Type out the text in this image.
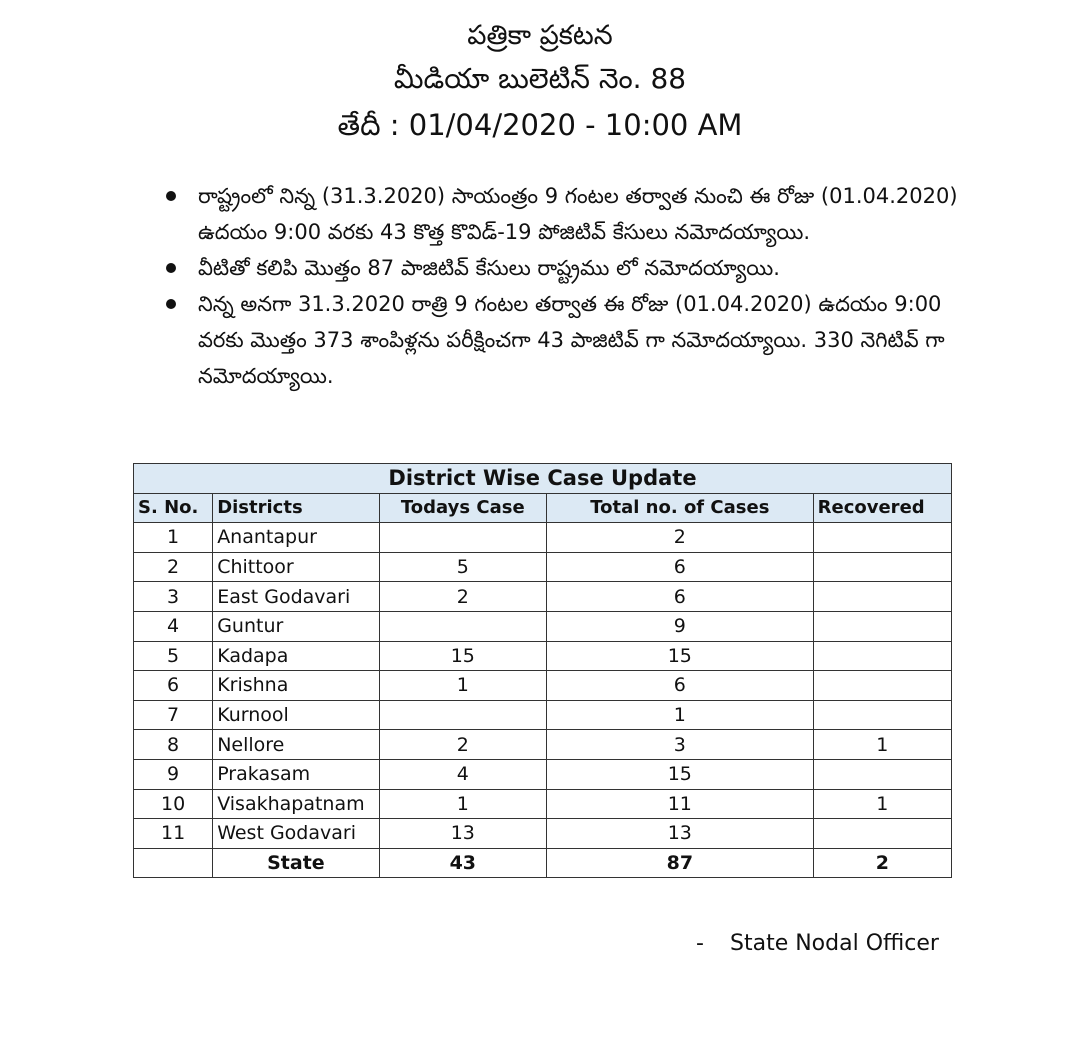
పత్రికా ప్రకటన
మీడియా బులెటిన్ నెం. 88
తేదీ : 01/04/2020 - 10:00 AM
రాష్ట్రంలో నిన్న (31.3.2020) సాయంత్రం 9 గంటల తర్వాత నుంచి ఈ రోజు (01.04.2020) ఉదయం 9:00 వరకు 43 కొత్త కొవిడ్-19 పోజిటివ్ కేసులు నమోదయ్యాయి.
వీటితో కలిపి మొత్తం 87 పాజిటివ్ కేసులు రాష్ట్రము లో నమోదయ్యాయి.
నిన్న అనగా 31.3.2020 రాత్రి 9 గంటల తర్వాత ఈ రోజు (01.04.2020) ఉదయం 9:00 వరకు మొత్తం 373 శాంపిళ్లను పరీక్షించగా 43 పాజిటివ్ గా నమోదయ్యాయి. 330 నెగిటివ్ గా నమోదయ్యాయి.
District Wise Case Update				
S. No.	Districts	Todays Case	Total no. of Cases	Recovered
1	Anantapur		2	
2	Chittoor	5	6	
3	East Godavari	2	6	
4	Guntur		9	
5	Kadapa	15	15	
6	Krishna	1	6	
7	Kurnool		1	
8	Nellore	2	3	1
9	Prakasam	4	15	
10	Visakhapatnam	1	11	1
11	West Godavari	13	13	
	State	43	87	2
- State Nodal Officer
